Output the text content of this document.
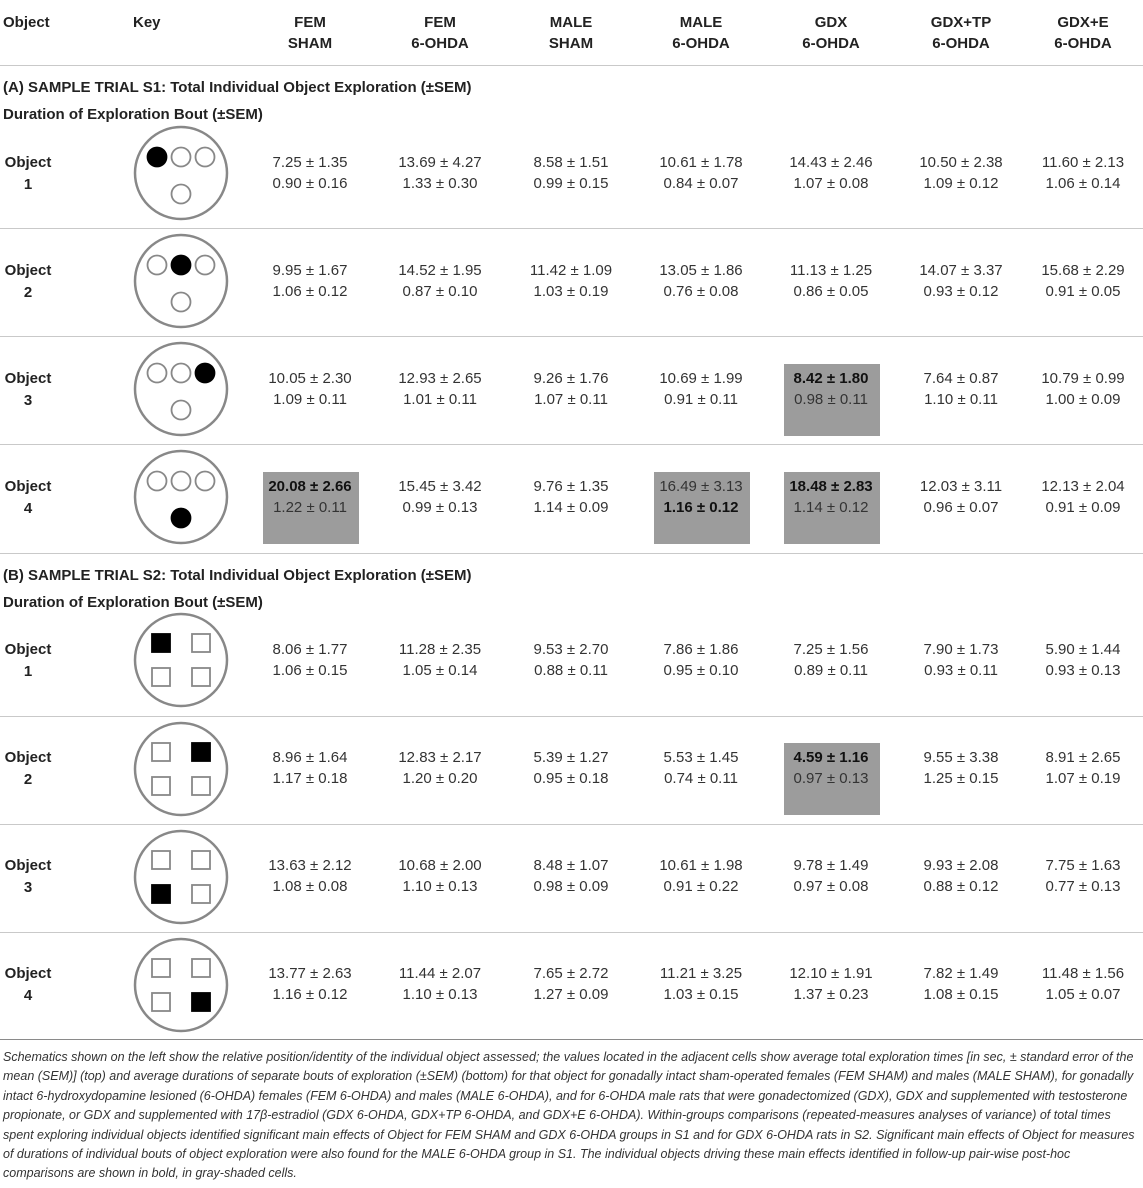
Object	Key	FEM
SHAM
FEM
6-OHDA
MALE
SHAM
MALE
6-OHDA
GDX
6-OHDA
GDX+TP
6-OHDA
GDX+E
6-OHDA
(A) SAMPLE TRIAL S1: Total Individual Object Exploration (±SEM)
Duration of Exploration Bout (±SEM)
Object
1
7.25 ± 1.35
0.90 ± 0.16
13.69 ± 4.27
1.33 ± 0.30
8.58 ± 1.51
0.99 ± 0.15
10.61 ± 1.78
0.84 ± 0.07
14.43 ± 2.46
1.07 ± 0.08
10.50 ± 2.38
1.09 ± 0.12
11.60 ± 2.13
1.06 ± 0.14
Object
2
9.95 ± 1.67
1.06 ± 0.12
14.52 ± 1.95
0.87 ± 0.10
11.42 ± 1.09
1.03 ± 0.19
13.05 ± 1.86
0.76 ± 0.08
11.13 ± 1.25
0.86 ± 0.05
14.07 ± 3.37
0.93 ± 0.12
15.68 ± 2.29
0.91 ± 0.05
Object
3
10.05 ± 2.30
1.09 ± 0.11
12.93 ± 2.65
1.01 ± 0.11
9.26 ± 1.76
1.07 ± 0.11
10.69 ± 1.99
0.91 ± 0.11
8.42 ± 1.80
0.98 ± 0.11
7.64 ± 0.87
1.10 ± 0.11
10.79 ± 0.99
1.00 ± 0.09
Object
4
20.08 ± 2.66
1.22 ± 0.11
15.45 ± 3.42
0.99 ± 0.13
9.76 ± 1.35
1.14 ± 0.09
16.49 ± 3.13
1.16 ± 0.12
18.48 ± 2.83
1.14 ± 0.12
12.03 ± 3.11
0.96 ± 0.07
12.13 ± 2.04
0.91 ± 0.09
(B) SAMPLE TRIAL S2: Total Individual Object Exploration (±SEM)
Duration of Exploration Bout (±SEM)
Object
1
8.06 ± 1.77
1.06 ± 0.15
11.28 ± 2.35
1.05 ± 0.14
9.53 ± 2.70
0.88 ± 0.11
7.86 ± 1.86
0.95 ± 0.10
7.25 ± 1.56
0.89 ± 0.11
7.90 ± 1.73
0.93 ± 0.11
5.90 ± 1.44
0.93 ± 0.13
Object
2
8.96 ± 1.64
1.17 ± 0.18
12.83 ± 2.17
1.20 ± 0.20
5.39 ± 1.27
0.95 ± 0.18
5.53 ± 1.45
0.74 ± 0.11
4.59 ± 1.16
0.97 ± 0.13
9.55 ± 3.38
1.25 ± 0.15
8.91 ± 2.65
1.07 ± 0.19
Object
3
13.63 ± 2.12
1.08 ± 0.08
10.68 ± 2.00
1.10 ± 0.13
8.48 ± 1.07
0.98 ± 0.09
10.61 ± 1.98
0.91 ± 0.22
9.78 ± 1.49
0.97 ± 0.08
9.93 ± 2.08
0.88 ± 0.12
7.75 ± 1.63
0.77 ± 0.13
Object
4
13.77 ± 2.63
1.16 ± 0.12
11.44 ± 2.07
1.10 ± 0.13
7.65 ± 2.72
1.27 ± 0.09
11.21 ± 3.25
1.03 ± 0.15
12.10 ± 1.91
1.37 ± 0.23
7.82 ± 1.49
1.08 ± 0.15
11.48 ± 1.56
1.05 ± 0.07
Schematics shown on the left show the relative position/identity of the individual object assessed; the values located in the adjacent cells show average total exploration times [in sec, ± standard error of the mean (SEM)] (top) and average durations of separate bouts of exploration (±SEM) (bottom) for that object for gonadally intact sham-operated females (FEM SHAM) and males (MALE SHAM), for gonadally intact 6-hydroxydopamine lesioned (6-OHDA) females (FEM 6-OHDA) and males (MALE 6-OHDA), and for 6-OHDA male rats that were gonadectomized (GDX), GDX and supplemented with testosterone propionate, or GDX and supplemented with 17β-estradiol (GDX 6-OHDA, GDX+TP 6-OHDA, and GDX+E 6-OHDA). Within-groups comparisons (repeated-measures analyses of variance) of total times spent exploring individual objects identified significant main effects of Object for FEM SHAM and GDX 6-OHDA groups in S1 and for GDX 6-OHDA rats in S2. Significant main effects of Object for measures of durations of individual bouts of object exploration were also found for the MALE 6-OHDA group in S1. The individual objects driving these main effects identified in follow-up pair-wise post-hoc comparisons are shown in bold, in gray-shaded cells.
